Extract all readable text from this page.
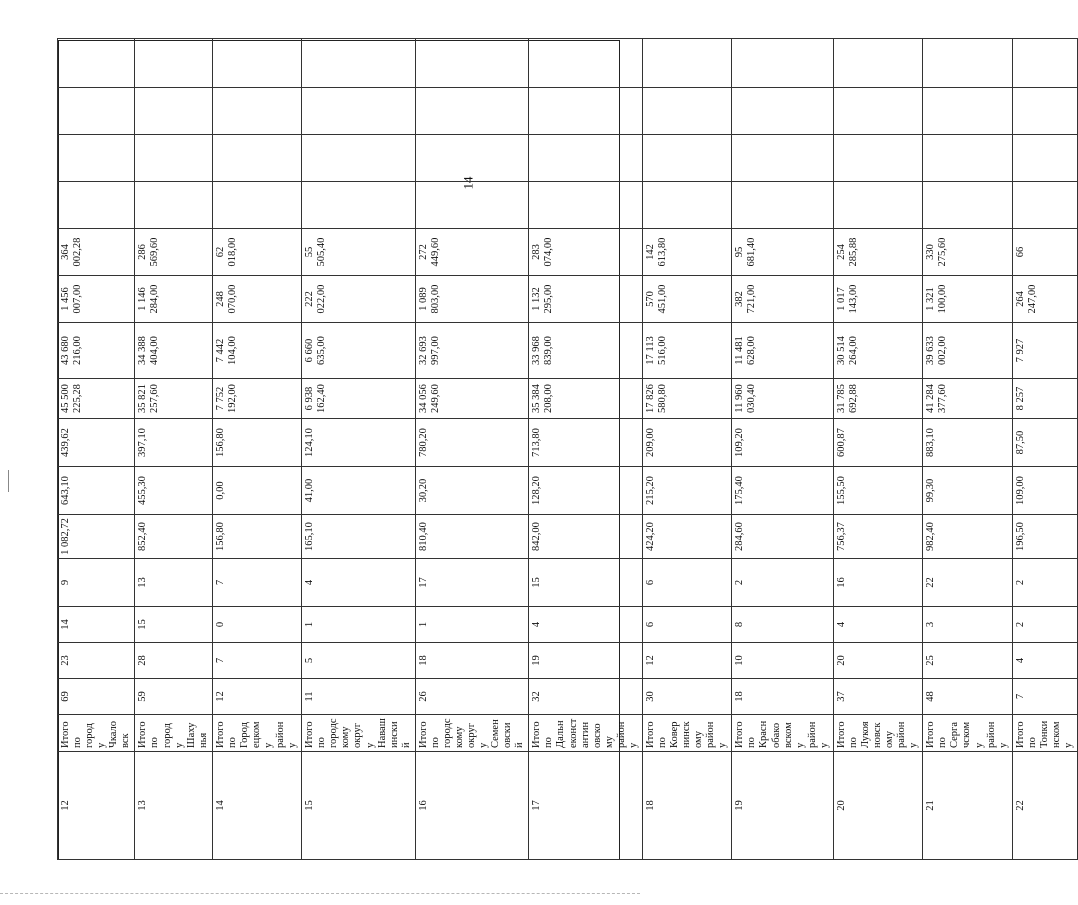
14
12	Итого по городу Чкаловск	69	23	14	9	1 082,72	643,10	439,62	45 500 225,28	43 680 216,00	1 456 007,00	364 002,28				
13	Итого по городу Шахунья	59	28	15	13	852,40	455,30	397,10	35 821 257,60	34 388 404,00	1 146 284,00	286 569,60				
14	Итого по Городецкому району	12	7	0	7	156,80	0,00	156,80	7 752 192,00	7 442 104,00	248 070,00	62 018,00				
15	Итого по городскому округу Навашинский	11	5	1	4	165,10	41,00	124,10	6 938 162,40	6 660 635,00	222 022,00	55 505,40				
16	Итого по городскому округу Семеновский	26	18	1	17	810,40	30,20	780,20	34 056 249,60	32 693 997,00	1 089 803,00	272 449,60				
17	Итого по Дальнеконстантиновскому району	32	19	4	15	842,00	128,20	713,80	35 384 208,00	33 968 839,00	1 132 295,00	283 074,00				
18	Итого по Ковернинскому району	30	12	6	6	424,20	215,20	209,00	17 826 580,80	17 113 516,00	570 451,00	142 613,80				
19	Итого по Краснобаковскому району	18	10	8	2	284,60	175,40	109,20	11 960 030,40	11 481 628,00	382 721,00	95 681,40				
20	Итого по Лукояновскому району	37	20	4	16	756,37	155,50	600,87	31 785 692,88	30 514 264,00	1 017 143,00	254 285,88				
21	Итого по Сергачскому району	48	25	3	22	982,40	99,30	883,10	41 284 377,60	39 633 002,00	1 321 100,00	330 275,60				
22	Итого по Тонкинскому	7	4	2	2	196,50	109,00	87,50	8 257	7 927	264 247,00	66				
